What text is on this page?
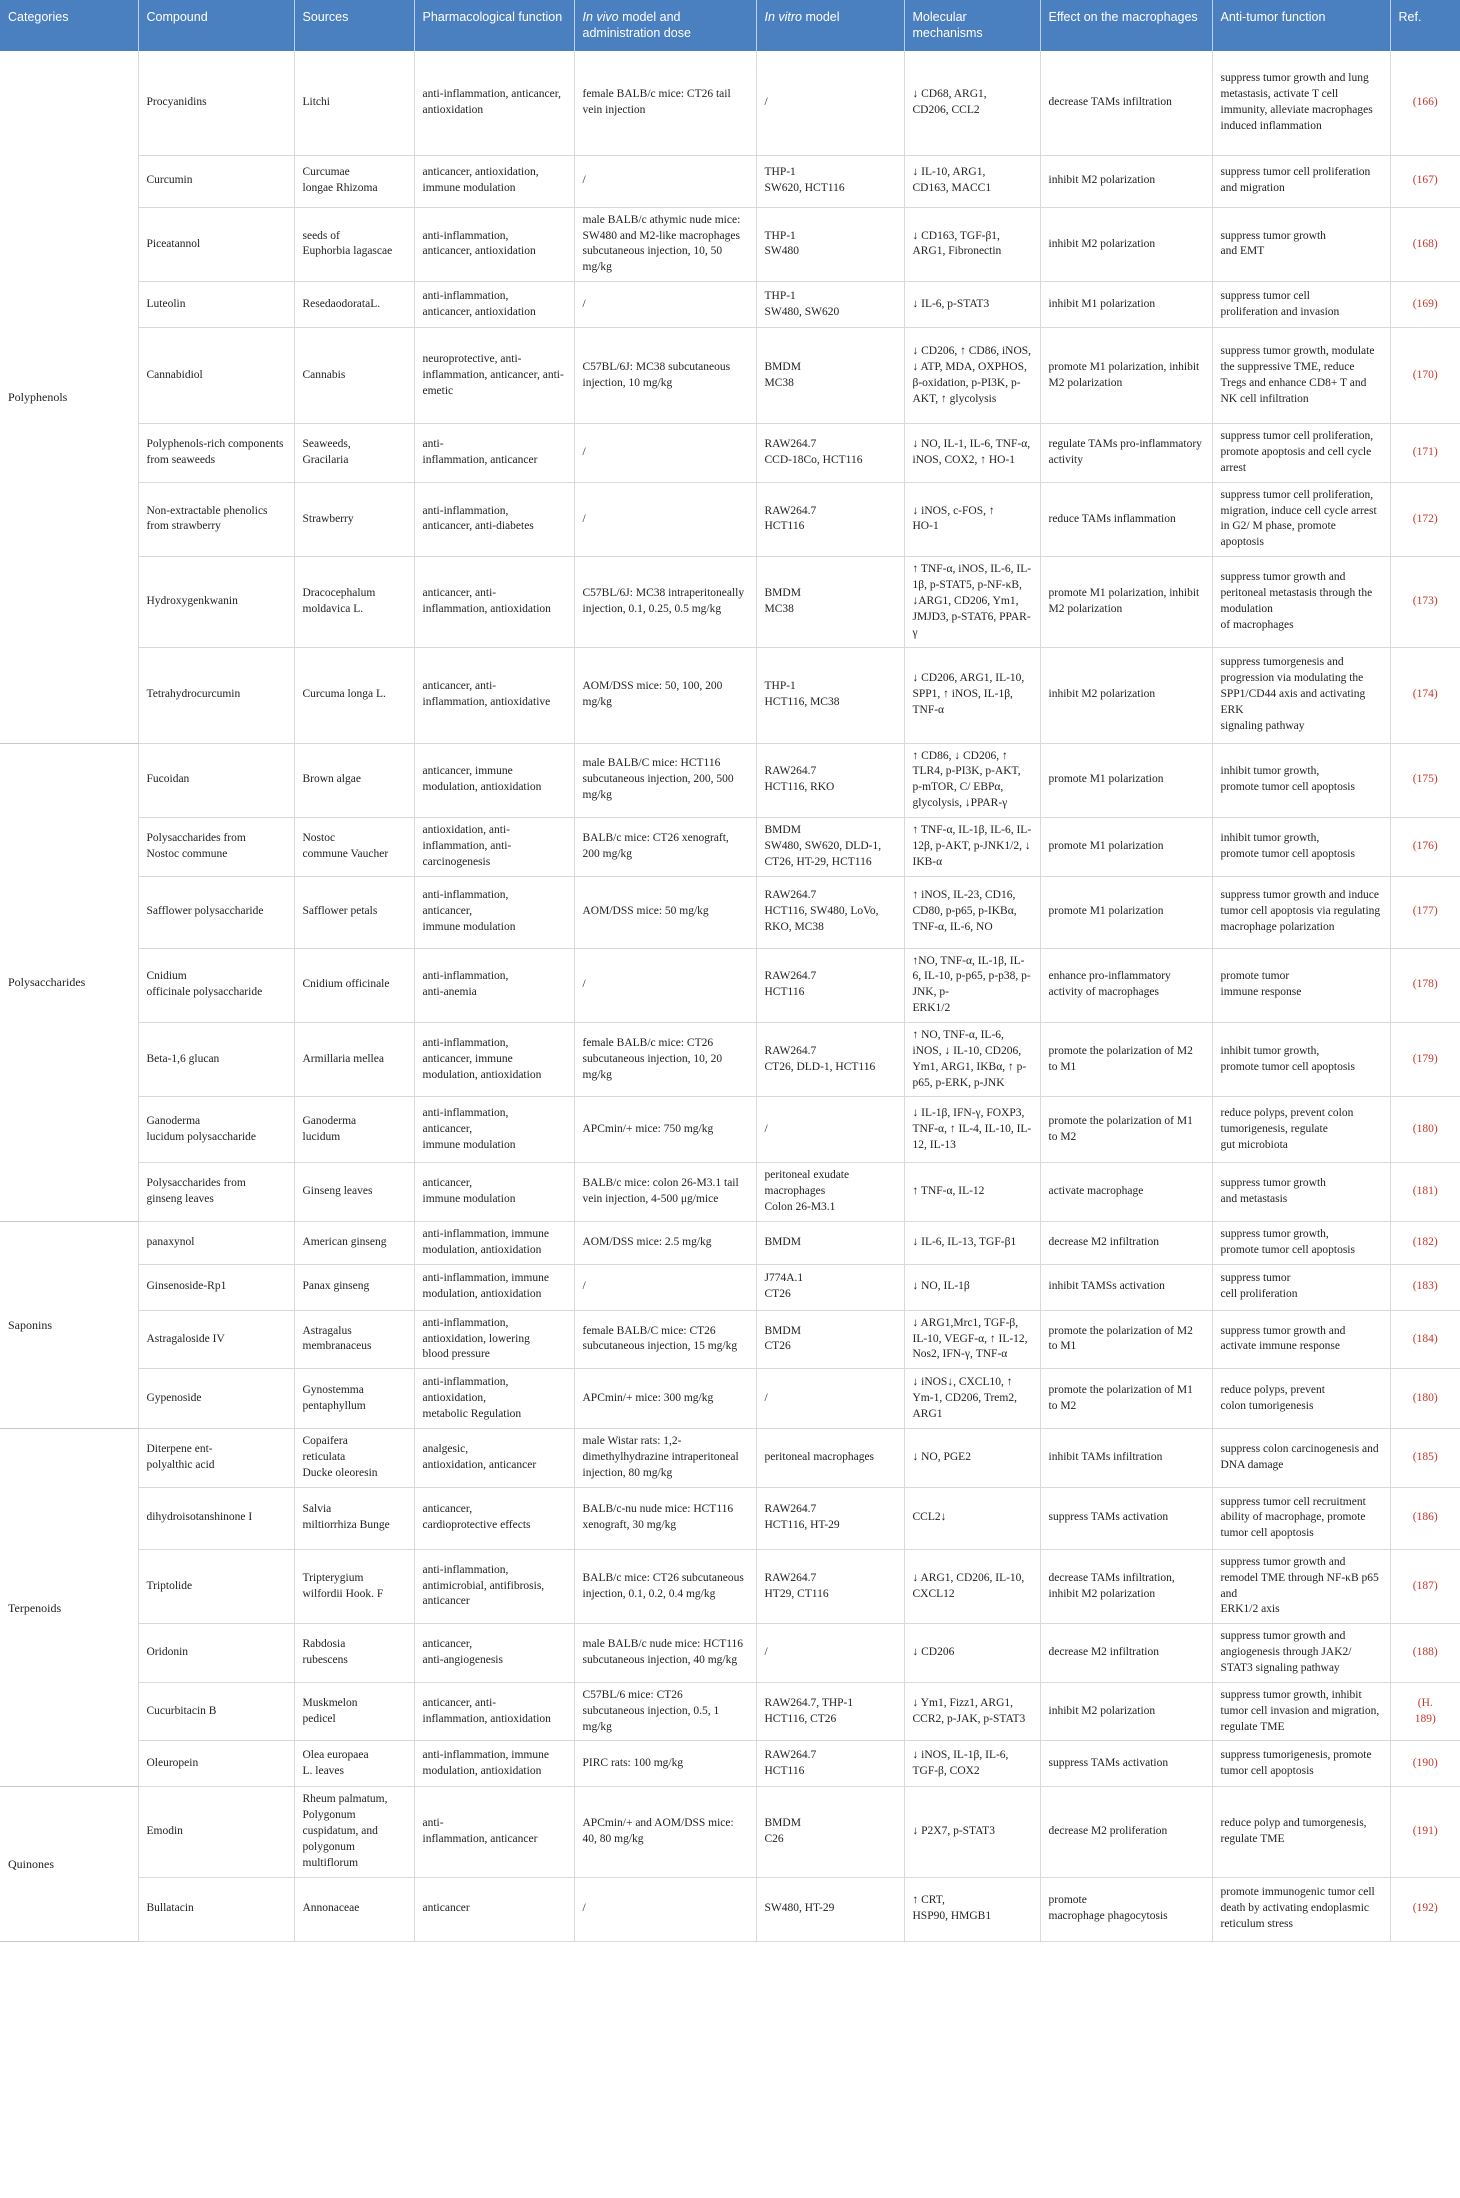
Categories	Compound	Sources	Pharmacological function	In vivo model and administration dose	In vitro model	Molecular mechanisms	Effect on the macrophages	Anti-tumor function	Ref.
Polyphenols	Procyanidins	Litchi	anti-inflammation, anticancer, antioxidation	female BALB/c mice: CT26 tail vein injection	/	↓ CD68, ARG1,
CD206, CCL2	decrease TAMs infiltration	suppress tumor growth and lung metastasis, activate T cell immunity, alleviate macrophages
induced inflammation	(166)
	Curcumin	Curcumae
longae Rhizoma	anticancer, antioxidation,
immune modulation	/	THP-1
SW620, HCT116	↓ IL-10, ARG1,
CD163, MACC1	inhibit M2 polarization	suppress tumor cell proliferation and migration	(167)
	Piceatannol	seeds of
Euphorbia lagascae	anti-inflammation,
anticancer, antioxidation	male BALB/c athymic nude mice: SW480 and M2-like macrophages subcutaneous injection, 10, 50 mg/kg	THP-1
SW480	↓ CD163, TGF-β1,
ARG1, Fibronectin	inhibit M2 polarization	suppress tumor growth
and EMT	(168)
	Luteolin	ResedaodorataL.	anti-inflammation,
anticancer, antioxidation	/	THP-1
SW480, SW620	↓ IL-6, p-STAT3	inhibit M1 polarization	suppress tumor cell
proliferation and invasion	(169)
	Cannabidiol	Cannabis	neuroprotective, anti-inflammation, anticancer, anti-emetic	C57BL/6J: MC38 subcutaneous injection, 10 mg/kg	BMDM
MC38	↓ CD206, ↑ CD86, iNOS, ↓ ATP, MDA, OXPHOS, β-oxidation, p-PI3K, p-AKT, ↑ glycolysis	promote M1 polarization, inhibit M2 polarization	suppress tumor growth, modulate the suppressive TME, reduce Tregs and enhance CD8+ T and NK cell infiltration	(170)
	Polyphenols-rich components
from seaweeds	Seaweeds,
Gracilaria	anti-
inflammation, anticancer	/	RAW264.7
CCD-18Co, HCT116	↓ NO, IL-1, IL-6, TNF-α, iNOS, COX2, ↑ HO-1	regulate TAMs pro-inflammatory activity	suppress tumor cell proliferation, promote apoptosis and cell cycle arrest	(171)
	Non-extractable phenolics
from strawberry	Strawberry	anti-inflammation,
anticancer, anti-diabetes	/	RAW264.7
HCT116	↓ iNOS, c-FOS, ↑
HO-1	reduce TAMs inflammation	suppress tumor cell proliferation, migration, induce cell cycle arrest in G2/ M phase, promote apoptosis	(172)
	Hydroxygenkwanin	Dracocephalum
moldavica L.	anticancer, anti-
inflammation, antioxidation	C57BL/6J: MC38 intraperitoneally injection, 0.1, 0.25, 0.5 mg/kg	BMDM
MC38	↑ TNF-α, iNOS, IL-6, IL-1β, p-STAT5, p-NF-κB, ↓ARG1, CD206, Ym1, JMJD3, p-STAT6, PPAR-γ	promote M1 polarization, inhibit M2 polarization	suppress tumor growth and peritoneal metastasis through the modulation
of macrophages	(173)
	Tetrahydrocurcumin	Curcuma longa L.	anticancer, anti-
inflammation, antioxidative	AOM/DSS mice: 50, 100, 200 mg/kg	THP-1
HCT116, MC38	↓ CD206, ARG1, IL-10, SPP1, ↑ iNOS, IL-1β, TNF-α	inhibit M2 polarization	suppress tumorgenesis and progression via modulating the SPP1/CD44 axis and activating ERK
signaling pathway	(174)
Polysaccharides	Fucoidan	Brown algae	anticancer, immune
modulation, antioxidation	male BALB/C mice: HCT116 subcutaneous injection, 200, 500 mg/kg	RAW264.7
HCT116, RKO	↑ CD86, ↓ CD206, ↑ TLR4, p-PI3K, p-AKT, p-mTOR, C/ EBPα, glycolysis, ↓PPAR-γ	promote M1 polarization	inhibit tumor growth,
promote tumor cell apoptosis	(175)
	Polysaccharides from
Nostoc commune	Nostoc
commune Vaucher	antioxidation, anti-
inflammation, anti-
carcinogenesis	BALB/c mice: CT26 xenograft, 200 mg/kg	BMDM
SW480, SW620, DLD-1, CT26, HT-29, HCT116	↑ TNF-α, IL-1β, IL-6, IL-12β, p-AKT, p-JNK1/2, ↓ IKB-α	promote M1 polarization	inhibit tumor growth,
promote tumor cell apoptosis	(176)
	Safflower polysaccharide	Safflower petals	anti-inflammation,
anticancer,
immune modulation	AOM/DSS mice: 50 mg/kg	RAW264.7
HCT116, SW480, LoVo, RKO, MC38	↑ iNOS, IL-23, CD16, CD80, p-p65, p-IKBα, TNF-α, IL-6, NO	promote M1 polarization	suppress tumor growth and induce tumor cell apoptosis via regulating
macrophage polarization	(177)
	Cnidium
officinale polysaccharide	Cnidium officinale	anti-inflammation,
anti-anemia	/	RAW264.7
HCT116	↑NO, TNF-α, IL-1β, IL-6, IL-10, p-p65, p-p38, p-JNK, p-
ERK1/2	enhance pro-inflammatory activity of macrophages	promote tumor
immune response	(178)
	Beta-1,6 glucan	Armillaria mellea	anti-inflammation,
anticancer, immune
modulation, antioxidation	female BALB/c mice: CT26 subcutaneous injection, 10, 20 mg/kg	RAW264.7
CT26, DLD-1, HCT116	↑ NO, TNF-α, IL-6, iNOS, ↓ IL-10, CD206, Ym1, ARG1, IKBα, ↑ p-p65, p-ERK, p-JNK	promote the polarization of M2 to M1	inhibit tumor growth,
promote tumor cell apoptosis	(179)
	Ganoderma
lucidum polysaccharide	Ganoderma
lucidum	anti-inflammation,
anticancer,
immune modulation	APCmin/+ mice: 750 mg/kg	/	↓ IL-1β, IFN-γ, FOXP3, TNF-α, ↑ IL-4, IL-10, IL-12, IL-13	promote the polarization of M1 to M2	reduce polyps, prevent colon tumorigenesis, regulate
gut microbiota	(180)
	Polysaccharides from
ginseng leaves	Ginseng leaves	anticancer,
immune modulation	BALB/c mice: colon 26-M3.1 tail vein injection, 4-500 μg/mice	peritoneal exudate macrophages
Colon 26-M3.1	↑ TNF-α, IL-12	activate macrophage	suppress tumor growth
and metastasis	(181)
Saponins	panaxynol	American ginseng	anti-inflammation, immune modulation, antioxidation	AOM/DSS mice: 2.5 mg/kg	BMDM	↓ IL-6, IL-13, TGF-β1	decrease M2 infiltration	suppress tumor growth,
promote tumor cell apoptosis	(182)
	Ginsenoside-Rp1	Panax ginseng	anti-inflammation, immune modulation, antioxidation	/	J774A.1
CT26	↓ NO, IL-1β	inhibit TAMSs activation	suppress tumor
cell proliferation	(183)
	Astragaloside IV	Astragalus
membranaceus	anti-inflammation, antioxidation, lowering
blood pressure	female BALB/C mice: CT26 subcutaneous injection, 15 mg/kg	BMDM
CT26	↓ ARG1,Mrc1, TGF-β, IL-10, VEGF-α, ↑ IL-12, Nos2, IFN-γ, TNF-α	promote the polarization of M2 to M1	suppress tumor growth and activate immune response	(184)
	Gypenoside	Gynostemma
pentaphyllum	anti-inflammation,
antioxidation,
metabolic Regulation	APCmin/+ mice: 300 mg/kg	/	↓ iNOS↓, CXCL10, ↑ Ym-1, CD206, Trem2, ARG1	promote the polarization of M1 to M2	reduce polyps, prevent
colon tumorigenesis	(180)
Terpenoids	Diterpene ent-
polyalthic acid	Copaifera
reticulata
Ducke oleoresin	analgesic,
antioxidation, anticancer	male Wistar rats: 1,2-dimethylhydrazine intraperitoneal injection, 80 mg/kg	peritoneal macrophages	↓ NO, PGE2	inhibit TAMs infiltration	suppress colon carcinogenesis and DNA damage	(185)
	dihydroisotanshinone I	Salvia
miltiorrhiza Bunge	anticancer,
cardioprotective effects	BALB/c-nu nude mice: HCT116 xenograft, 30 mg/kg	RAW264.7
HCT116, HT-29	CCL2↓	suppress TAMs activation	suppress tumor cell recruitment ability of macrophage, promote tumor cell apoptosis	(186)
	Triptolide	Tripterygium
wilfordii Hook. F	anti-inflammation, antimicrobial, antifibrosis, anticancer	BALB/c mice: CT26 subcutaneous injection, 0.1, 0.2, 0.4 mg/kg	RAW264.7
HT29, CT116	↓ ARG1, CD206, IL-10, CXCL12	decrease TAMs infiltration, inhibit M2 polarization	suppress tumor growth and remodel TME through NF-κB p65 and
ERK1/2 axis	(187)
	Oridonin	Rabdosia
rubescens	anticancer,
anti-angiogenesis	male BALB/c nude mice: HCT116 subcutaneous injection, 40 mg/kg	/	↓ CD206	decrease M2 infiltration	suppress tumor growth and angiogenesis through JAK2/ STAT3 signaling pathway	(188)
	Cucurbitacin B	Muskmelon
pedicel	anticancer, anti-
inflammation, antioxidation	C57BL/6 mice: CT26 subcutaneous injection, 0.5, 1 mg/kg	RAW264.7, THP-1
HCT116, CT26	↓ Ym1, Fizz1, ARG1, CCR2, p-JAK, p-STAT3	inhibit M2 polarization	suppress tumor growth, inhibit tumor cell invasion and migration, regulate TME	(H.
189)
	Oleuropein	Olea europaea
L. leaves	anti-inflammation, immune modulation, antioxidation	PIRC rats: 100 mg/kg	RAW264.7
HCT116	↓ iNOS, IL-1β, IL-6, TGF-β, COX2	suppress TAMs activation	suppress tumorigenesis, promote tumor cell apoptosis	(190)
Quinones	Emodin	Rheum palmatum, Polygonum cuspidatum, and polygonum
multiflorum	anti-
inflammation, anticancer	APCmin/+ and AOM/DSS mice: 40, 80 mg/kg	BMDM
C26	↓ P2X7, p-STAT3	decrease M2 proliferation	reduce polyp and tumorgenesis, regulate TME	(191)
	Bullatacin	Annonaceae	anticancer	/	SW480, HT-29	↑ CRT,
HSP90, HMGB1	promote
macrophage phagocytosis	promote immunogenic tumor cell death by activating endoplasmic reticulum stress	(192)
